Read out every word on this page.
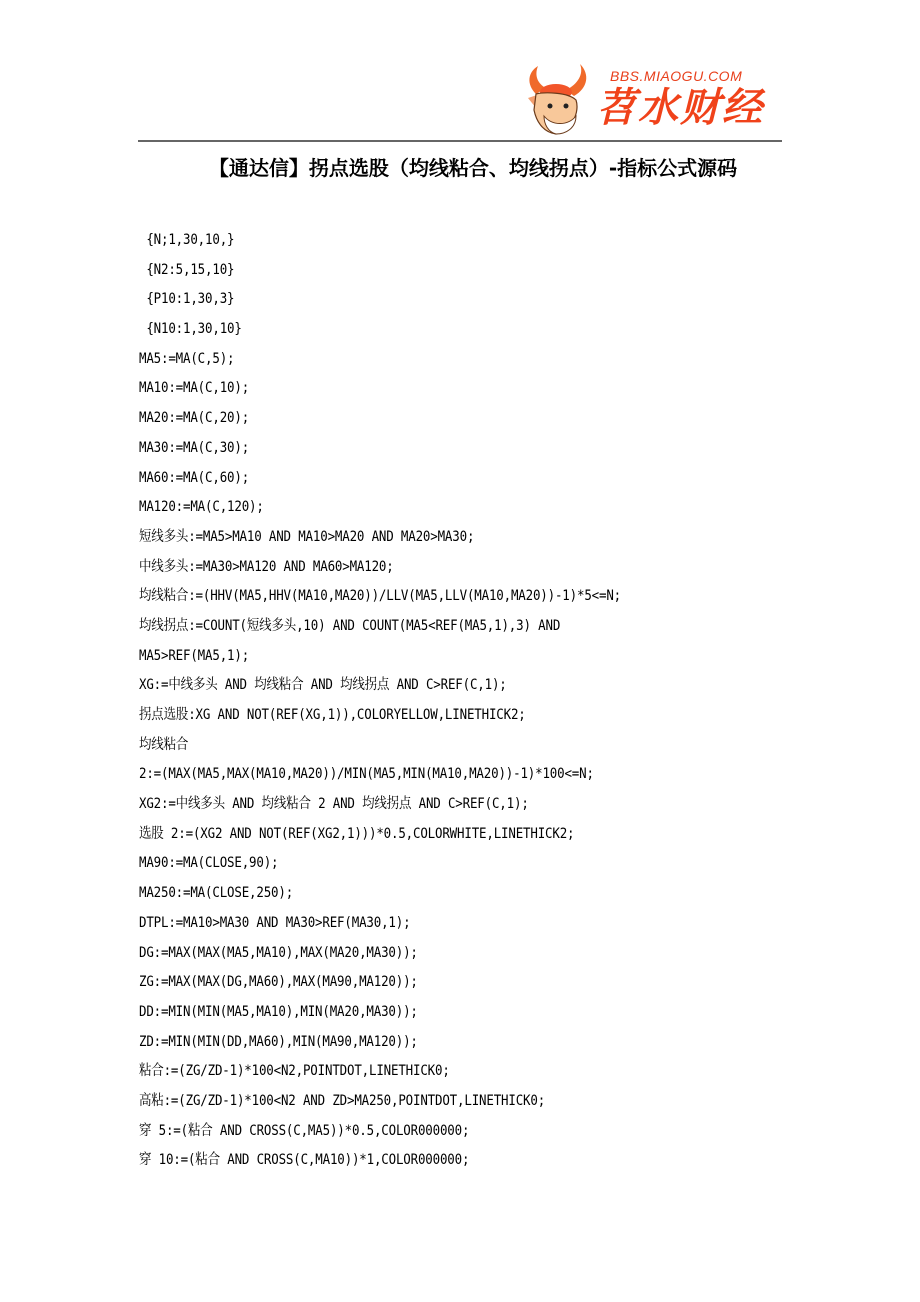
BBS.MIAOGU.COM
苕水财经
【通达信】拐点选股（均线粘合、均线拐点）-指标公式源码
{N;1,30,10,}
{N2:5,15,10}
{P10:1,30,3}
{N10:1,30,10}
MA5:=MA(C,5);
MA10:=MA(C,10);
MA20:=MA(C,20);
MA30:=MA(C,30);
MA60:=MA(C,60);
MA120:=MA(C,120);
短线多头:=MA5>MA10 AND MA10>MA20 AND MA20>MA30;
中线多头:=MA30>MA120 AND MA60>MA120;
均线粘合:=(HHV(MA5,HHV(MA10,MA20))/LLV(MA5,LLV(MA10,MA20))-1)*5<=N;
均线拐点:=COUNT(短线多头,10) AND COUNT(MA5<REF(MA5,1),3) AND
MA5>REF(MA5,1);
XG:=中线多头 AND 均线粘合 AND 均线拐点 AND C>REF(C,1);
拐点选股:XG AND NOT(REF(XG,1)),COLORYELLOW,LINETHICK2;
均线粘合
2:=(MAX(MA5,MAX(MA10,MA20))/MIN(MA5,MIN(MA10,MA20))-1)*100<=N;
XG2:=中线多头 AND 均线粘合 2 AND 均线拐点 AND C>REF(C,1);
选股 2:=(XG2 AND NOT(REF(XG2,1)))*0.5,COLORWHITE,LINETHICK2;
MA90:=MA(CLOSE,90);
MA250:=MA(CLOSE,250);
DTPL:=MA10>MA30 AND MA30>REF(MA30,1);
DG:=MAX(MAX(MA5,MA10),MAX(MA20,MA30));
ZG:=MAX(MAX(DG,MA60),MAX(MA90,MA120));
DD:=MIN(MIN(MA5,MA10),MIN(MA20,MA30));
ZD:=MIN(MIN(DD,MA60),MIN(MA90,MA120));
粘合:=(ZG/ZD-1)*100<N2,POINTDOT,LINETHICK0;
高粘:=(ZG/ZD-1)*100<N2 AND ZD>MA250,POINTDOT,LINETHICK0;
穿 5:=(粘合 AND CROSS(C,MA5))*0.5,COLOR000000;
穿 10:=(粘合 AND CROSS(C,MA10))*1,COLOR000000;
